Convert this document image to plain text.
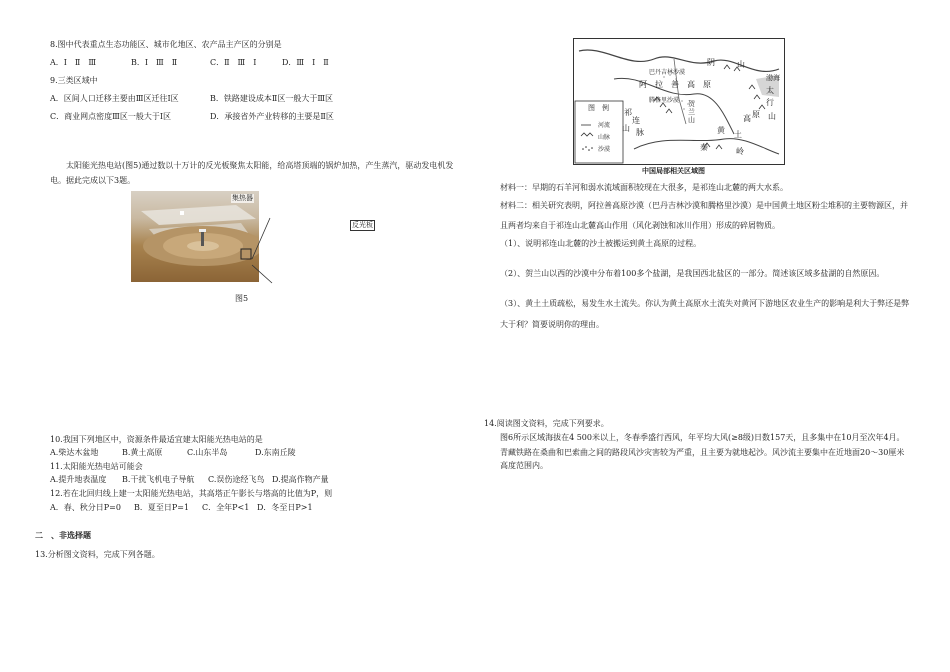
8.图中代表重点生态功能区、城市化地区、农产品主产区的分别是
A．Ⅰ　Ⅱ　Ⅲ	B．Ⅰ　Ⅲ　Ⅱ	C．Ⅱ　Ⅲ　Ⅰ	D．Ⅲ　Ⅰ　Ⅱ
9.三类区域中
A．区间人口迁移主要由Ⅲ区迁往Ⅰ区	B．铁路建设成本Ⅱ区一般大于Ⅲ区
C．商业网点密度Ⅲ区一般大于Ⅰ区	D．承接省外产业转移的主要是Ⅱ区
太阳能光热电站(图5)通过数以十万计的反光板聚焦太阳能，给高塔顶端的锅炉加热，产生蒸汽，驱动发电机发
电。据此完成以下3题。
集热器
反光板
图5
10.我国下列地区中，资源条件最适宜建太阳能光热电站的是
A.柴达木盆地	B.黄土高原	C.山东半岛	D.东南丘陵
11.太阳能光热电站可能会
A.提升地表温度 B.干扰飞机电子导航 C.误伤途经飞鸟 D.提高作物产量
12.若在北回归线上建一太阳能光热电站，其高塔正午影长与塔高的比值为P，则
A．春、秋分日P=0 B．夏至日P=1 C．全年P<1 D．冬至日P>1
二　、非选择题
13.分析图文资料，完成下列各题。
图　例
河流
山脉
沙漠
阴	山
巴丹吉林沙漠
阿　拉　善　高　原
腾格里沙漠
祁
连
山 脉
贺
兰
山
黄 土
高 原
太
行
山
渤海
秦	岭
中国局部相关区域图
材料一：早期的石羊河和弱水流域面积较现在大很多，是祁连山北麓的两大水系。
材料二：相关研究表明，阿拉善高原沙漠（巴丹吉林沙漠和腾格里沙漠）是中国黄土地区粉尘堆积的主要物源区，并
且两者均来自于祁连山北麓高山作用（风化剥蚀和冰川作用）形成的碎屑物质。
（1）、说明祁连山北麓的沙土被搬运到黄土高原的过程。
（2）、贺兰山以西的沙漠中分布着100多个盐湖，是我国西北盐区的一部分。简述该区域多盐湖的自然原因。
（3）、黄土土质疏松，易发生水土流失。你认为黄土高原水土流失对黄河下游地区农业生产的影响是利大于弊还是弊
大于利？简要说明你的理由。
14.阅读图文资料，完成下列要求。
图6所示区域海拔在4 500米以上，冬春季盛行西风，年平均大风(≥8级)日数157天，且多集中在10月至次年4月。
青藏铁路在桑曲和巴索曲之间的路段风沙灾害较为严重，且主要为就地起沙。风沙流主要集中在近地面20～30厘米
高度范围内。
